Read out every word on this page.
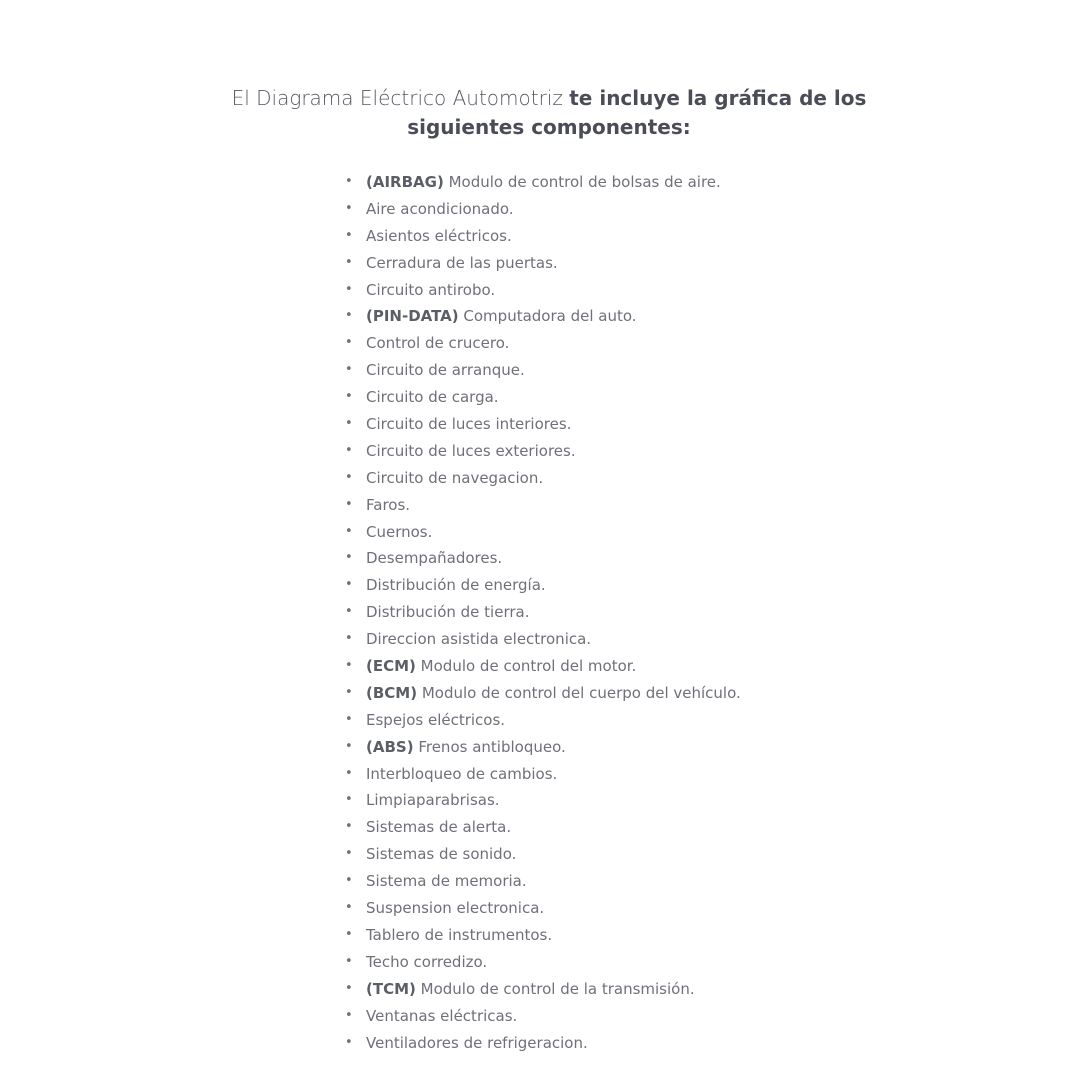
El Diagrama Eléctrico Automotriz te incluye la gráfica de los siguientes componentes:
• (AIRBAG) Modulo de control de bolsas de aire.
• Aire acondicionado.
• Asientos eléctricos.
• Cerradura de las puertas.
• Circuito antirobo.
• (PIN-DATA) Computadora del auto.
• Control de crucero.
• Circuito de arranque.
• Circuito de carga.
• Circuito de luces interiores.
• Circuito de luces exteriores.
• Circuito de navegacion.
• Faros.
• Cuernos.
• Desempañadores.
• Distribución de energía.
• Distribución de tierra.
• Direccion asistida electronica.
• (ECM) Modulo de control del motor.
• (BCM) Modulo de control del cuerpo del vehículo.
• Espejos eléctricos.
• (ABS) Frenos antibloqueo.
• Interbloqueo de cambios.
• Limpiaparabrisas.
• Sistemas de alerta.
• Sistemas de sonido.
• Sistema de memoria.
• Suspension electronica.
• Tablero de instrumentos.
• Techo corredizo.
• (TCM) Modulo de control de la transmisión.
• Ventanas eléctricas.
• Ventiladores de refrigeracion.
